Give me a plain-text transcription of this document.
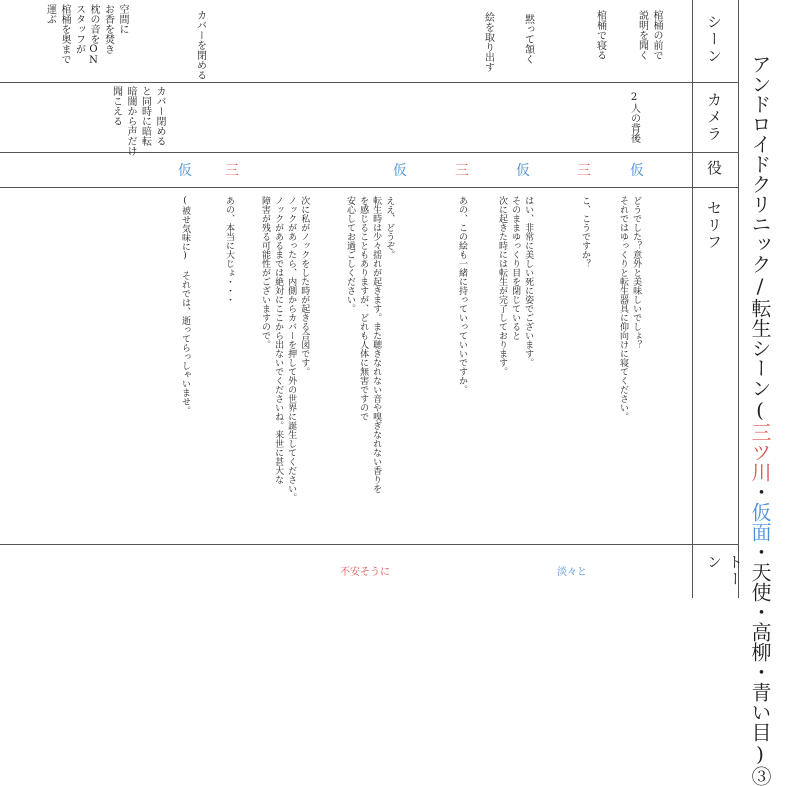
アンドロイドクリニック/転生シーン(三ツ川・仮面・天使・高柳・青い目)③

シーン
カメラ
役
セリフ
トーン
棺桶の前で
説明を聞く
棺桶で寝る
黙って頷く
絵を取り出す
カバーを閉める
空間に
お香を焚き
枕の音をON
スタッフが
棺桶を奥まで
運ぶ
2人の背後
カバー閉める
と同時に暗転
暗闇から声だけ
聞こえる
仮
三
仮
三
仮
三
仮
どうでした？意外と美味しいでしょ？
それではゆっくりと転生器具に仰向けに寝てください。
こ、こうですか？
はい、非常に美しい死に姿でございます。
そのままゆっくり目を閉じていると
次に起きた時には転生が完了しております。
あの、この絵も一緒に持っていっていいですか。
ええ、どうぞ。
転生時は少々揺れが起きます。また聴きなれない音や嗅ぎなれない香りを
を感じることもありますが、どれも人体に無害ですので
安心してお過ごしください。
次に私がノックをした時が起きる合図です。
ノックがあったら、内側からカバーを押して外の世界に誕生してください。
ノックがあるまでは絶対にここから出ないでくださいね。来世に甚大な
障害が残る可能性がございますので。
あの、本当に大じょ・・・
(被せ気味に) それでは、逝ってらっしゃいませ。
淡々と
不安そうに
